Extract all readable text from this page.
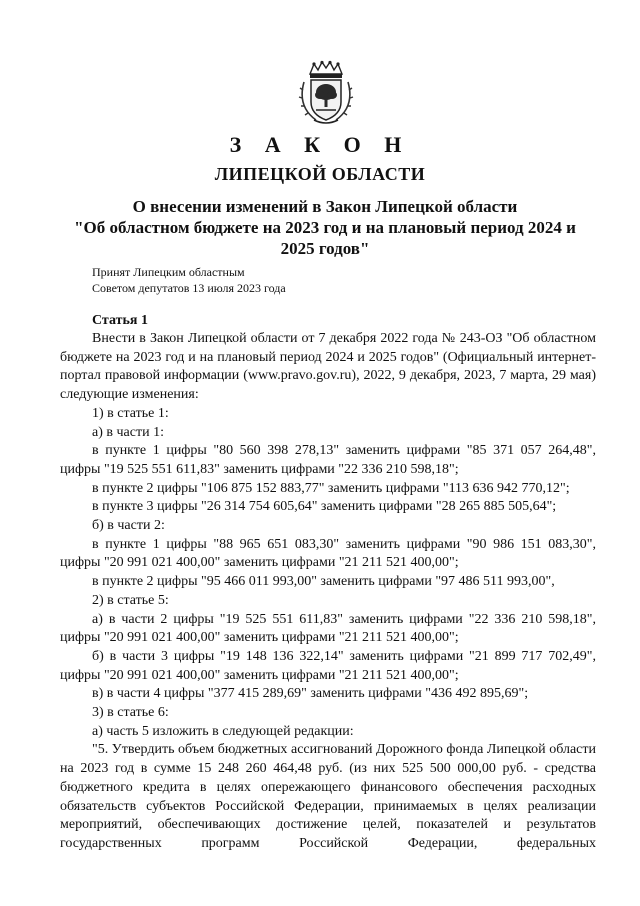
З А К О Н
ЛИПЕЦКОЙ ОБЛАСТИ
О внесении изменений в Закон Липецкой области
"Об областном бюджете на 2023 год и на плановый период 2024 и
2025 годов"
Принят Липецким областным
Советом депутатов 13 июля 2023 года
Статья 1

Внести в Закон Липецкой области от 7 декабря 2022 года № 243-ОЗ "Об областном бюджете на 2023 год и на плановый период 2024 и 2025 годов" (Официальный интернет-портал правовой информации (www.pravo.gov.ru), 2022, 9 декабря, 2023, 7 марта, 29 мая) следующие изменения:

1) в статье 1:

а) в части 1:

в пункте 1 цифры "80 560 398 278,13" заменить цифрами "85 371 057 264,48", цифры "19 525 551 611,83" заменить цифрами "22 336 210 598,18";

в пункте 2 цифры "106 875 152 883,77" заменить цифрами "113 636 942 770,12";

в пункте 3 цифры "26 314 754 605,64" заменить цифрами "28 265 885 505,64";

б) в части 2:

в пункте 1 цифры "88 965 651 083,30" заменить цифрами "90 986 151 083,30", цифры "20 991 021 400,00" заменить цифрами "21 211 521 400,00";

в пункте 2 цифры "95 466 011 993,00" заменить цифрами "97 486 511 993,00",

2) в статье 5:

а) в части 2 цифры "19 525 551 611,83" заменить цифрами "22 336 210 598,18", цифры "20 991 021 400,00" заменить цифрами "21 211 521 400,00";

б) в части 3 цифры "19 148 136 322,14" заменить цифрами "21 899 717 702,49", цифры "20 991 021 400,00" заменить цифрами "21 211 521 400,00";

в) в части 4 цифры "377 415 289,69" заменить цифрами "436 492 895,69";

3) в статье 6:

а) часть 5 изложить в следующей редакции:

"5. Утвердить объем бюджетных ассигнований Дорожного фонда Липецкой области на 2023 год в сумме 15 248 260 464,48 руб. (из них 525 500 000,00 руб. - средства бюджетного кредита в целях опережающего финансового обеспечения расходных обязательств субъектов Российской Федерации, принимаемых в целях реализации мероприятий, обеспечивающих достижение целей, показателей и результатов государственных программ Российской Федерации, федеральных
